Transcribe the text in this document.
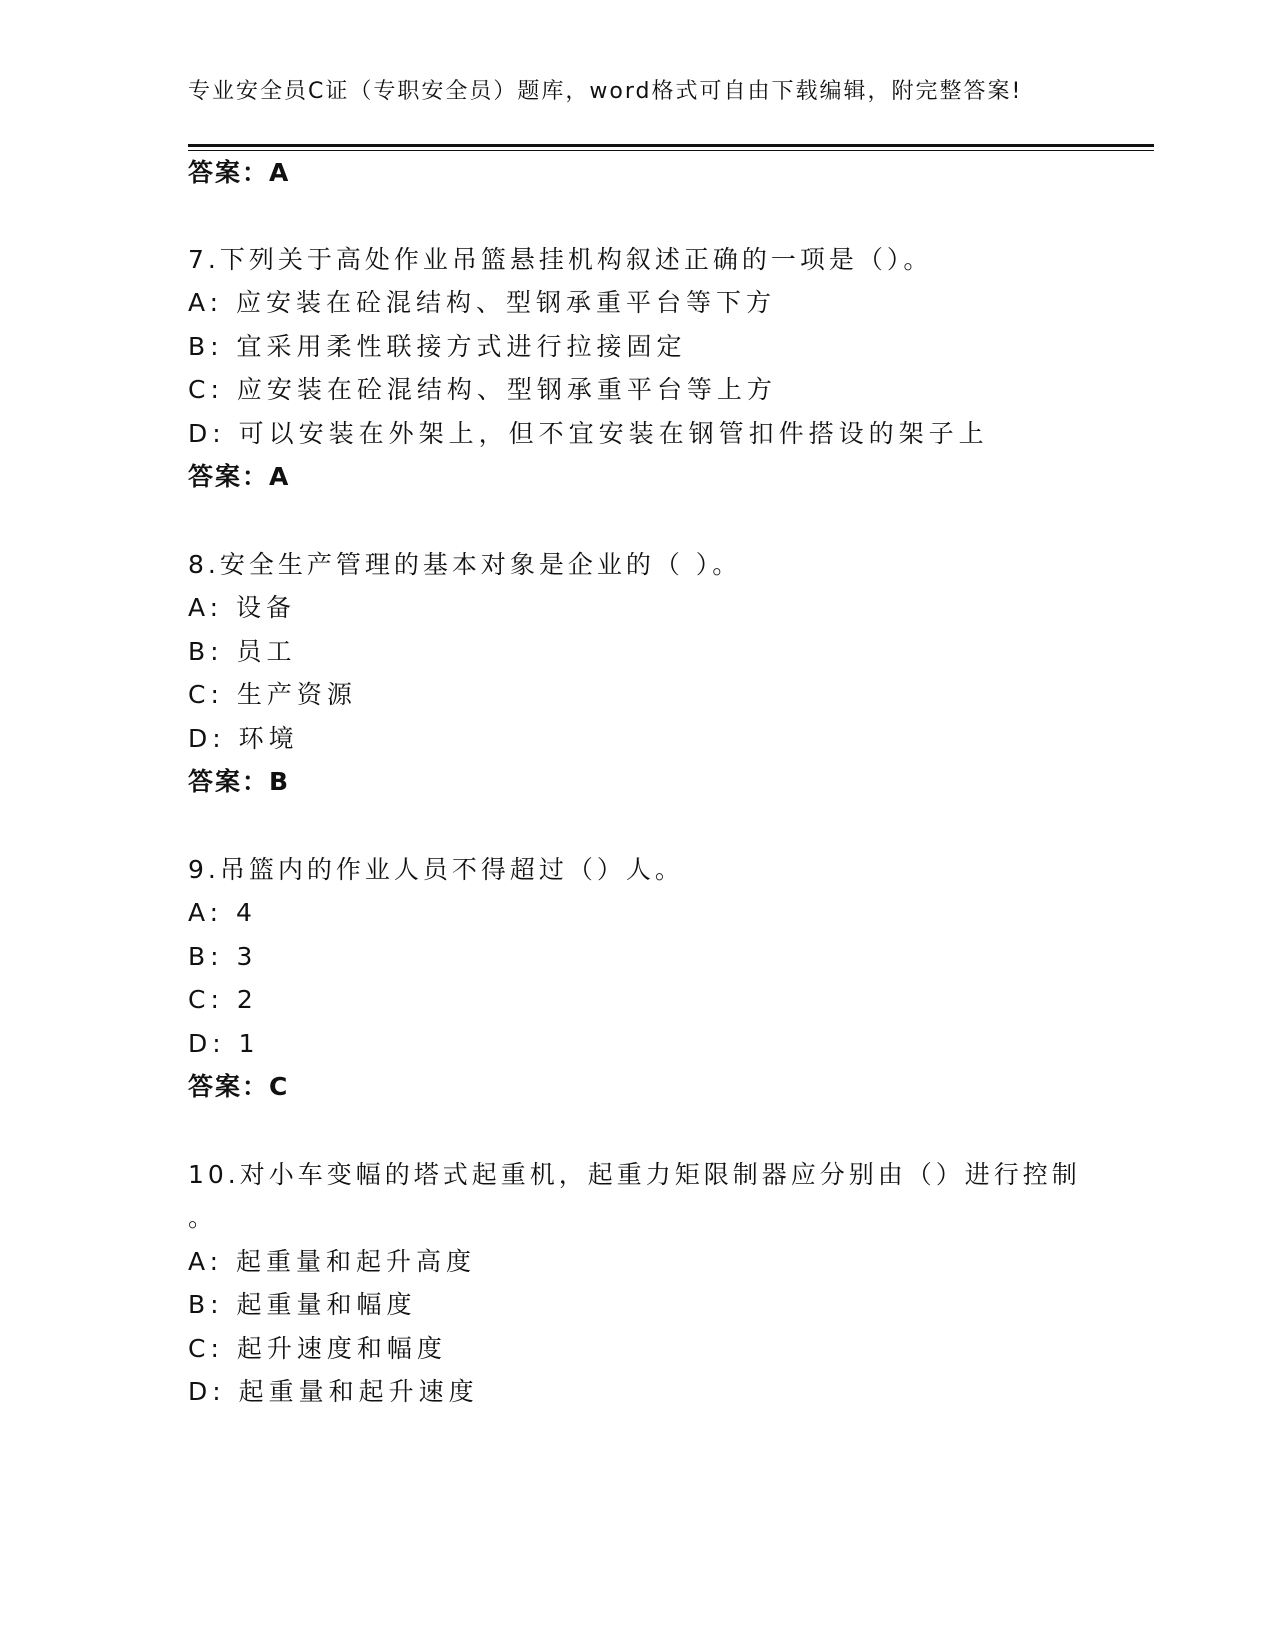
专业安全员C证（专职安全员）题库，word格式可自由下载编辑，附完整答案!
答案：A
7.下列关于高处作业吊篮悬挂机构叙述正确的一项是（）。
A: 应安装在砼混结构、型钢承重平台等下方
B: 宜采用柔性联接方式进行拉接固定
C: 应安装在砼混结构、型钢承重平台等上方
D: 可以安装在外架上，但不宜安装在钢管扣件搭设的架子上
答案：A
8.安全生产管理的基本对象是企业的（ ）。
A: 设备
B: 员工
C: 生产资源
D: 环境
答案：B
9.吊篮内的作业人员不得超过（）人。
A: 4
B: 3
C: 2
D: 1
答案：C
10.对小车变幅的塔式起重机，起重力矩限制器应分别由（）进行控制
。
A: 起重量和起升高度
B: 起重量和幅度
C: 起升速度和幅度
D: 起重量和起升速度
